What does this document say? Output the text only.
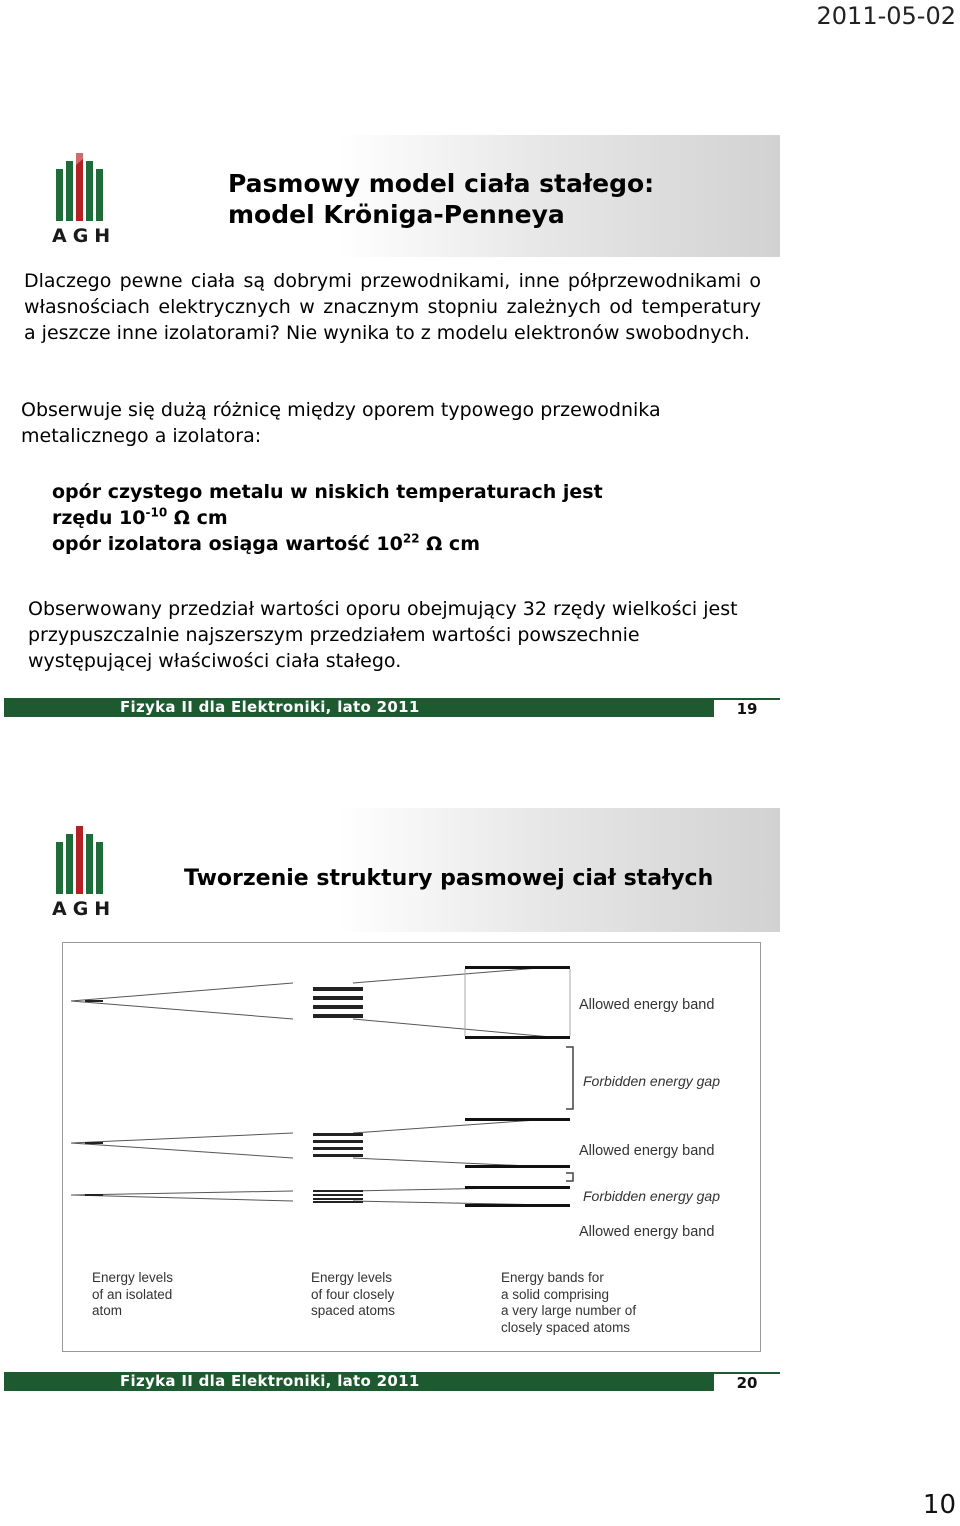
2011-05-02
AGH
Pasmowy model ciała stałego:
model Kröniga-Penneya
Dlaczego pewne ciała są dobrymi przewodnikami, inne półprzewodnikami o własnościach elektrycznych w znacznym stopniu zależnych od temperatury a jeszcze inne izolatorami? Nie wynika to z modelu elektronów swobodnych.
Obserwuje się dużą różnicę między oporem typowego przewodnika metalicznego a izolatora:
opór czystego metalu w niskich temperaturach jest
rzędu $10^{-10}$ Ω cm
opór izolatora osiąga wartość $10^{22}$ Ω cm
Obserwowany przedział wartości oporu obejmujący 32 rzędy wielkości jest przypuszczalnie najszerszym przedziałem wartości powszechnie występującej właściwości ciała stałego.
Fizyka II dla Elektroniki, lato 2011	19
AGH
Tworzenie struktury pasmowej ciał stałych
Allowed energy band
Forbidden energy gap
Allowed energy band
Forbidden energy gap
Allowed energy band
Energy levels
of an isolated
atom
Energy levels
of four closely
spaced atoms
Energy bands for
a solid comprising
a very large number of
closely spaced atoms
Fizyka II dla Elektroniki, lato 2011	20
10
